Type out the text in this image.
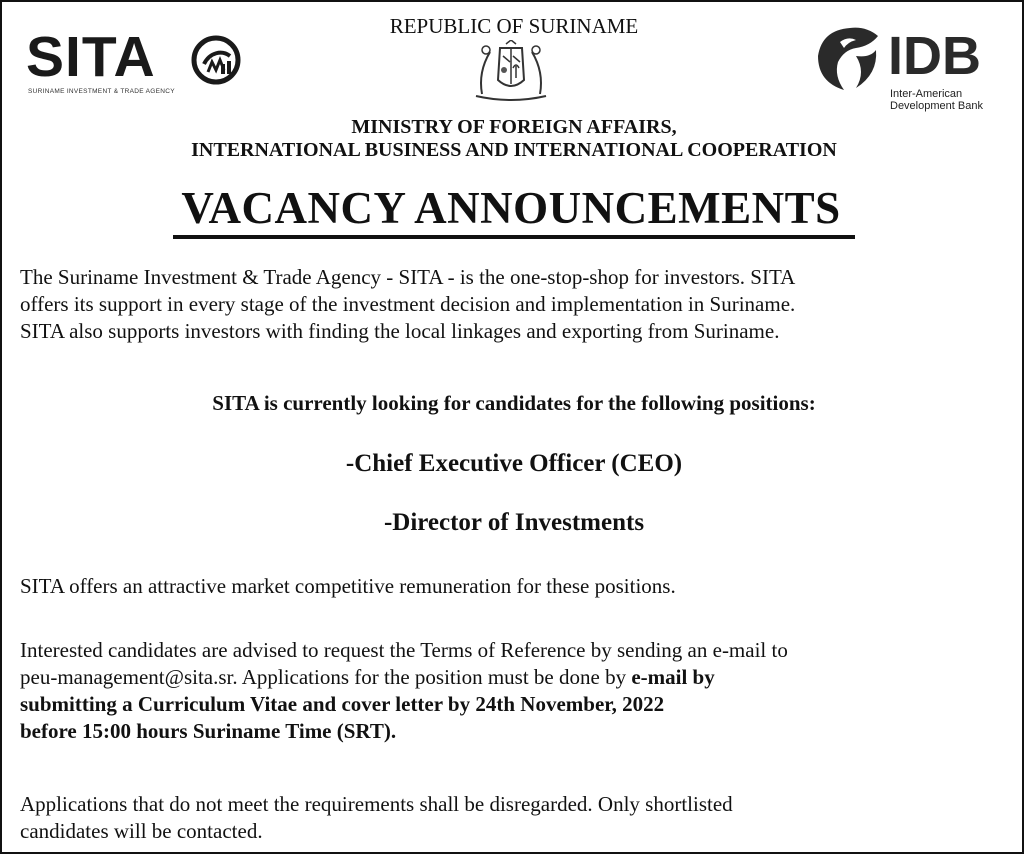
SITA
SURINAME INVESTMENT & TRADE AGENCY
REPUBLIC OF SURINAME	IDB
Inter-American
Development Bank
MINISTRY OF FOREIGN AFFAIRS,
INTERNATIONAL BUSINESS AND INTERNATIONAL COOPERATION
VACANCY ANNOUNCEMENTS
The Suriname Investment & Trade Agency - SITA - is the one-stop-shop for investors. SITA
offers its support in every stage of the investment decision and implementation in Suriname.
SITA also supports investors with finding the local linkages and exporting from Suriname.
SITA is currently looking for candidates for the following positions:
-Chief Executive Officer (CEO)
-Director of Investments
SITA offers an attractive market competitive remuneration for these positions.
Interested candidates are advised to request the Terms of Reference by sending an e-mail to
peu-management@sita.sr. Applications for the position must be done by e-mail by
submitting a Curriculum Vitae and cover letter by 24th November, 2022
before 15:00 hours Suriname Time (SRT).
Applications that do not meet the requirements shall be disregarded. Only shortlisted
candidates will be contacted.
